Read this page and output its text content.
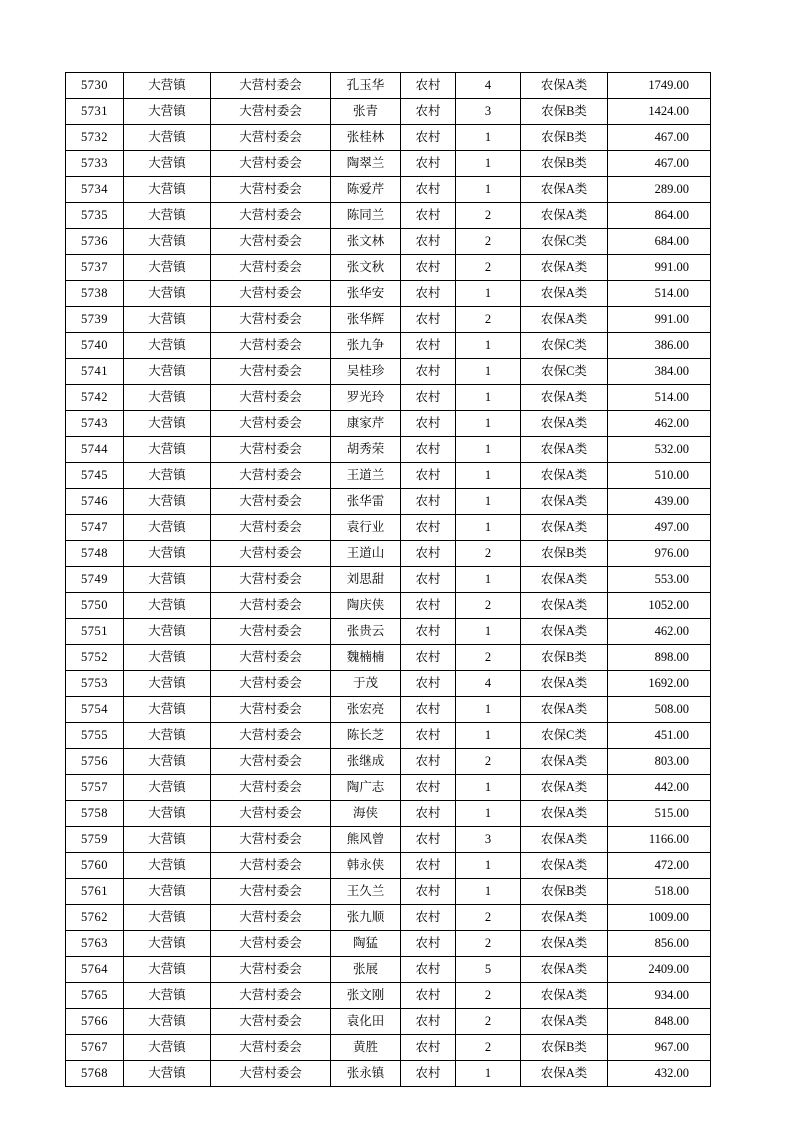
5730	大营镇	大营村委会	孔玉华	农村	4	农保A类	1749.00
5731	大营镇	大营村委会	张青	农村	3	农保B类	1424.00
5732	大营镇	大营村委会	张桂林	农村	1	农保B类	467.00
5733	大营镇	大营村委会	陶翠兰	农村	1	农保B类	467.00
5734	大营镇	大营村委会	陈爱芹	农村	1	农保A类	289.00
5735	大营镇	大营村委会	陈同兰	农村	2	农保A类	864.00
5736	大营镇	大营村委会	张文林	农村	2	农保C类	684.00
5737	大营镇	大营村委会	张文秋	农村	2	农保A类	991.00
5738	大营镇	大营村委会	张华安	农村	1	农保A类	514.00
5739	大营镇	大营村委会	张华辉	农村	2	农保A类	991.00
5740	大营镇	大营村委会	张九争	农村	1	农保C类	386.00
5741	大营镇	大营村委会	吴桂珍	农村	1	农保C类	384.00
5742	大营镇	大营村委会	罗光玲	农村	1	农保A类	514.00
5743	大营镇	大营村委会	康家芹	农村	1	农保A类	462.00
5744	大营镇	大营村委会	胡秀荣	农村	1	农保A类	532.00
5745	大营镇	大营村委会	王道兰	农村	1	农保A类	510.00
5746	大营镇	大营村委会	张华雷	农村	1	农保A类	439.00
5747	大营镇	大营村委会	袁行业	农村	1	农保A类	497.00
5748	大营镇	大营村委会	王道山	农村	2	农保B类	976.00
5749	大营镇	大营村委会	刘思甜	农村	1	农保A类	553.00
5750	大营镇	大营村委会	陶庆侠	农村	2	农保A类	1052.00
5751	大营镇	大营村委会	张贵云	农村	1	农保A类	462.00
5752	大营镇	大营村委会	魏楠楠	农村	2	农保B类	898.00
5753	大营镇	大营村委会	于茂	农村	4	农保A类	1692.00
5754	大营镇	大营村委会	张宏亮	农村	1	农保A类	508.00
5755	大营镇	大营村委会	陈长芝	农村	1	农保C类	451.00
5756	大营镇	大营村委会	张继成	农村	2	农保A类	803.00
5757	大营镇	大营村委会	陶广志	农村	1	农保A类	442.00
5758	大营镇	大营村委会	海侠	农村	1	农保A类	515.00
5759	大营镇	大营村委会	熊风曾	农村	3	农保A类	1166.00
5760	大营镇	大营村委会	韩永侠	农村	1	农保A类	472.00
5761	大营镇	大营村委会	王久兰	农村	1	农保B类	518.00
5762	大营镇	大营村委会	张九顺	农村	2	农保A类	1009.00
5763	大营镇	大营村委会	陶猛	农村	2	农保A类	856.00
5764	大营镇	大营村委会	张展	农村	5	农保A类	2409.00
5765	大营镇	大营村委会	张文刚	农村	2	农保A类	934.00
5766	大营镇	大营村委会	袁化田	农村	2	农保A类	848.00
5767	大营镇	大营村委会	黄胜	农村	2	农保B类	967.00
5768	大营镇	大营村委会	张永镇	农村	1	农保A类	432.00
